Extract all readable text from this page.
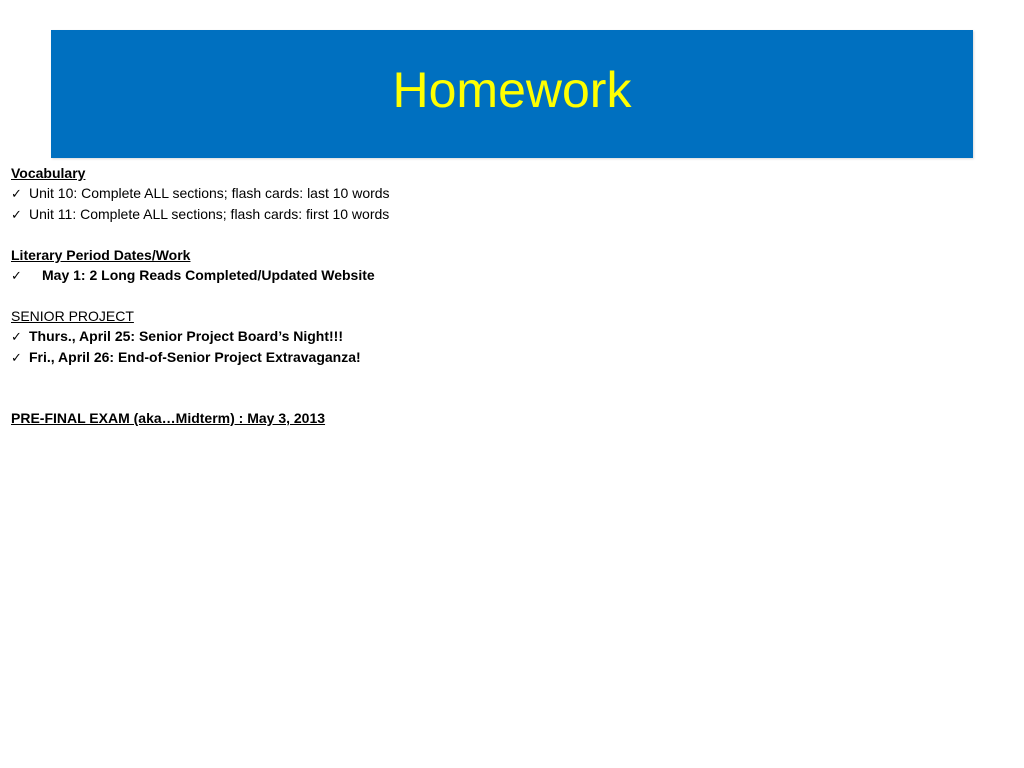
Homework
Vocabulary
✓ Unit 10: Complete ALL sections; flash cards: last 10 words
✓ Unit 11: Complete ALL sections; flash cards: first 10 words
Literary Period Dates/Work
✓ May 1: 2 Long Reads Completed/Updated Website
SENIOR PROJECT
✓ Thurs., April 25: Senior Project Board’s Night!!!
✓ Fri., April 26: End-of-Senior Project Extravaganza!
PRE-FINAL EXAM (aka…Midterm) : May 3, 2013
